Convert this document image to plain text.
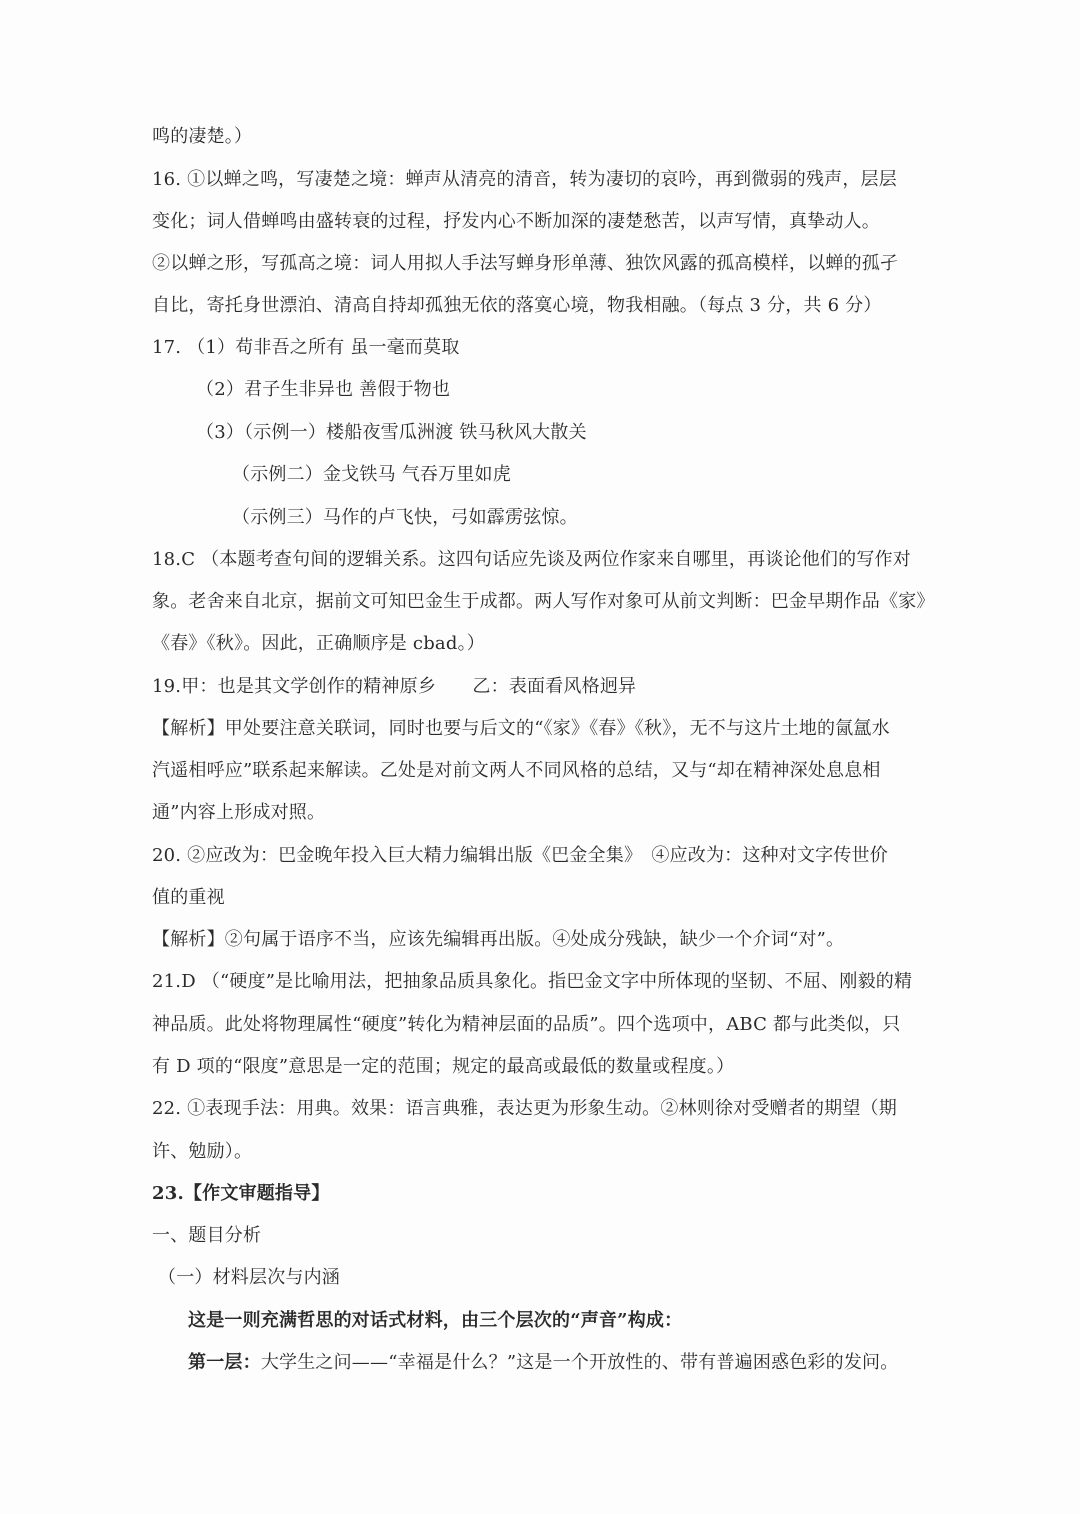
鸣的凄楚。）
16. ①以蝉之鸣，写凄楚之境：蝉声从清亮的清音，转为凄切的哀吟，再到微弱的残声，层层
变化；词人借蝉鸣由盛转衰的过程，抒发内心不断加深的凄楚愁苦，以声写情，真挚动人。
②以蝉之形，写孤高之境：词人用拟人手法写蝉身形单薄、独饮风露的孤高模样，以蝉的孤孑
自比，寄托身世漂泊、清高自持却孤独无依的落寞心境，物我相融。（每点 3 分，共 6 分）
17. （1）苟非吾之所有 虽一毫而莫取
（2）君子生非异也 善假于物也
（3）（示例一）楼船夜雪瓜洲渡 铁马秋风大散关
（示例二）金戈铁马 气吞万里如虎
（示例三）马作的卢飞快，弓如霹雳弦惊。
18.C （本题考查句间的逻辑关系。这四句话应先谈及两位作家来自哪里，再谈论他们的写作对
象。老舍来自北京，据前文可知巴金生于成都。两人写作对象可从前文判断：巴金早期作品《家》
《春》《秋》。因此，正确顺序是 cbad。）
19.甲：也是其文学创作的精神原乡　　乙：表面看风格迥异
【解析】甲处要注意关联词，同时也要与后文的“《家》《春》《秋》，无不与这片土地的氤氲水
汽遥相呼应”联系起来解读。乙处是对前文两人不同风格的总结，又与“却在精神深处息息相
通”内容上形成对照。
20. ②应改为：巴金晚年投入巨大精力编辑出版《巴金全集》　④应改为：这种对文字传世价
值的重视
【解析】②句属于语序不当，应该先编辑再出版。④处成分残缺，缺少一个介词“对”。
21.D （“硬度”是比喻用法，把抽象品质具象化。指巴金文字中所体现的坚韧、不屈、刚毅的精
神品质。此处将物理属性“硬度”转化为精神层面的品质”。四个选项中，ABC 都与此类似，只
有 D 项的“限度”意思是一定的范围；规定的最高或最低的数量或程度。）
22. ①表现手法：用典。效果：语言典雅，表达更为形象生动。②林则徐对受赠者的期望（期
许、勉励）。
23.【作文审题指导】
一、题目分析
（一）材料层次与内涵
这是一则充满哲思的对话式材料，由三个层次的“声音”构成：
第一层：大学生之问——“幸福是什么？”这是一个开放性的、带有普遍困惑色彩的发问。
